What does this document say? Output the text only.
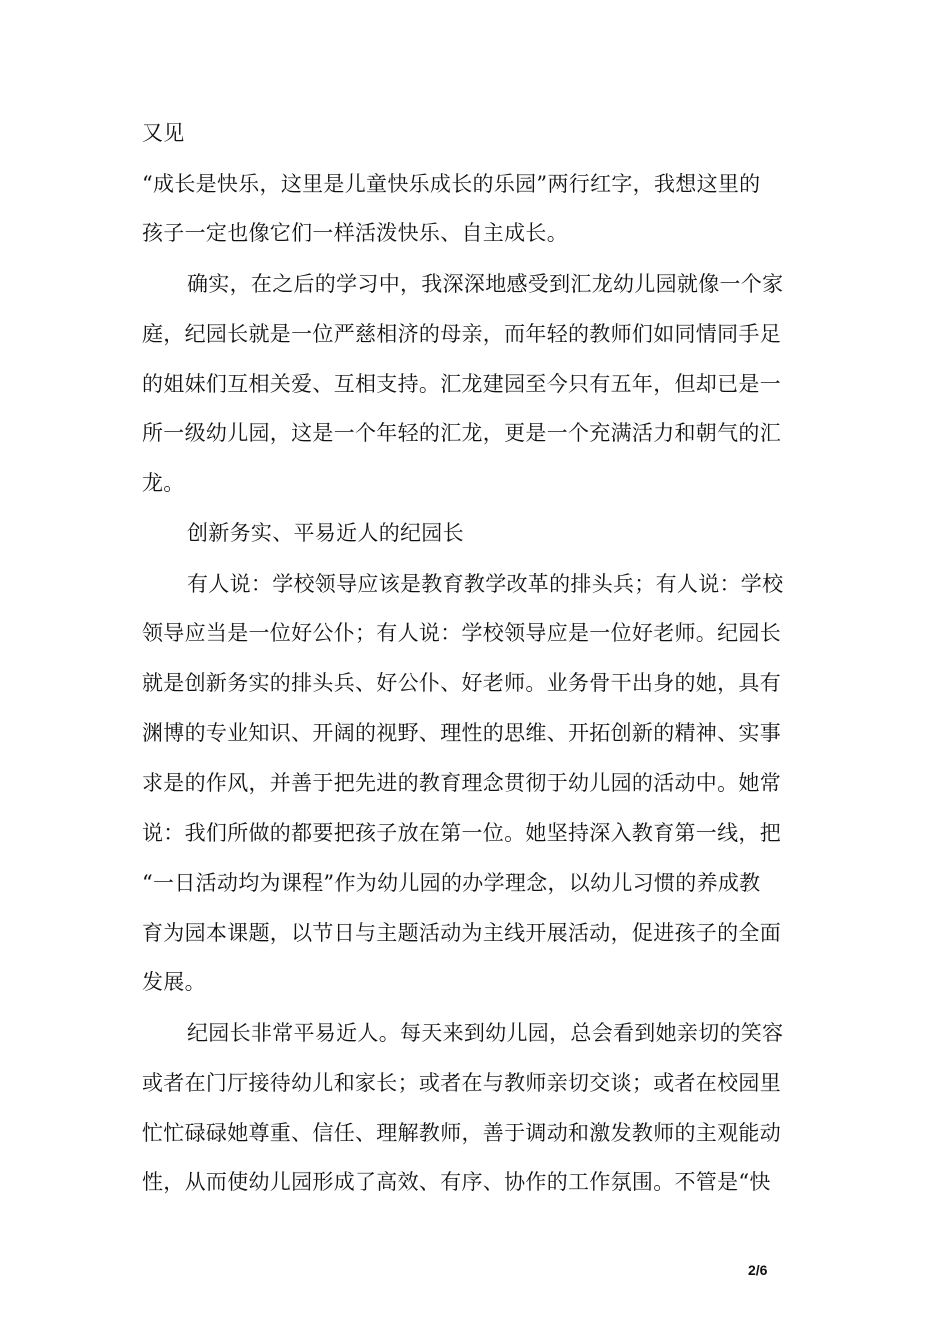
又见
“成长是快乐，这里是儿童快乐成长的乐园”两行红字，我想这里的
孩子一定也像它们一样活泼快乐、自主成长。
确实，在之后的学习中，我深深地感受到汇龙幼儿园就像一个家
庭，纪园长就是一位严慈相济的母亲，而年轻的教师们如同情同手足
的姐妹们互相关爱、互相支持。汇龙建园至今只有五年，但却已是一
所一级幼儿园，这是一个年轻的汇龙，更是一个充满活力和朝气的汇
龙。
创新务实、平易近人的纪园长
有人说：学校领导应该是教育教学改革的排头兵；有人说：学校
领导应当是一位好公仆；有人说：学校领导应是一位好老师。纪园长
就是创新务实的排头兵、好公仆、好老师。业务骨干出身的她，具有
渊博的专业知识、开阔的视野、理性的思维、开拓创新的精神、实事
求是的作风，并善于把先进的教育理念贯彻于幼儿园的活动中。她常
说：我们所做的都要把孩子放在第一位。她坚持深入教育第一线，把
“一日活动均为课程”作为幼儿园的办学理念，以幼儿习惯的养成教
育为园本课题，以节日与主题活动为主线开展活动，促进孩子的全面
发展。
纪园长非常平易近人。每天来到幼儿园，总会看到她亲切的笑容
或者在门厅接待幼儿和家长；或者在与教师亲切交谈；或者在校园里
忙忙碌碌她尊重、信任、理解教师，善于调动和激发教师的主观能动
性，从而使幼儿园形成了高效、有序、协作的工作氛围。不管是“快
2/6
